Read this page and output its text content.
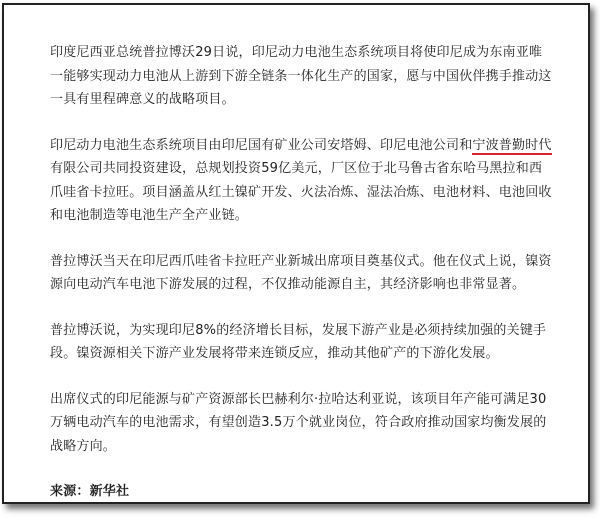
印度尼西亚总统普拉博沃29日说，印尼动力电池生态系统项目将使印尼成为东南亚唯一能够实现动力电池从上游到下游全链条一体化生产的国家，愿与中国伙伴携手推动这一具有里程碑意义的战略项目。

印尼动力电池生态系统项目由印尼国有矿业公司安塔姆、印尼电池公司和宁波普勤时代有限公司共同投资建设，总规划投资59亿美元，厂区位于北马鲁古省东哈马黑拉和西爪哇省卡拉旺。项目涵盖从红土镍矿开发、火法冶炼、湿法冶炼、电池材料、电池回收和电池制造等电池生产全产业链。

普拉博沃当天在印尼西爪哇省卡拉旺产业新城出席项目奠基仪式。他在仪式上说，镍资源向电动汽车电池下游发展的过程，不仅推动能源自主，其经济影响也非常显著。

普拉博沃说，为实现印尼8%的经济增长目标，发展下游产业是必须持续加强的关键手段。镍资源相关下游产业发展将带来连锁反应，推动其他矿产的下游化发展。

出席仪式的印尼能源与矿产资源部长巴赫利尔·拉哈达利亚说，该项目年产能可满足30万辆电动汽车的电池需求，有望创造3.5万个就业岗位，符合政府推动国家均衡发展的战略方向。

来源：新华社
